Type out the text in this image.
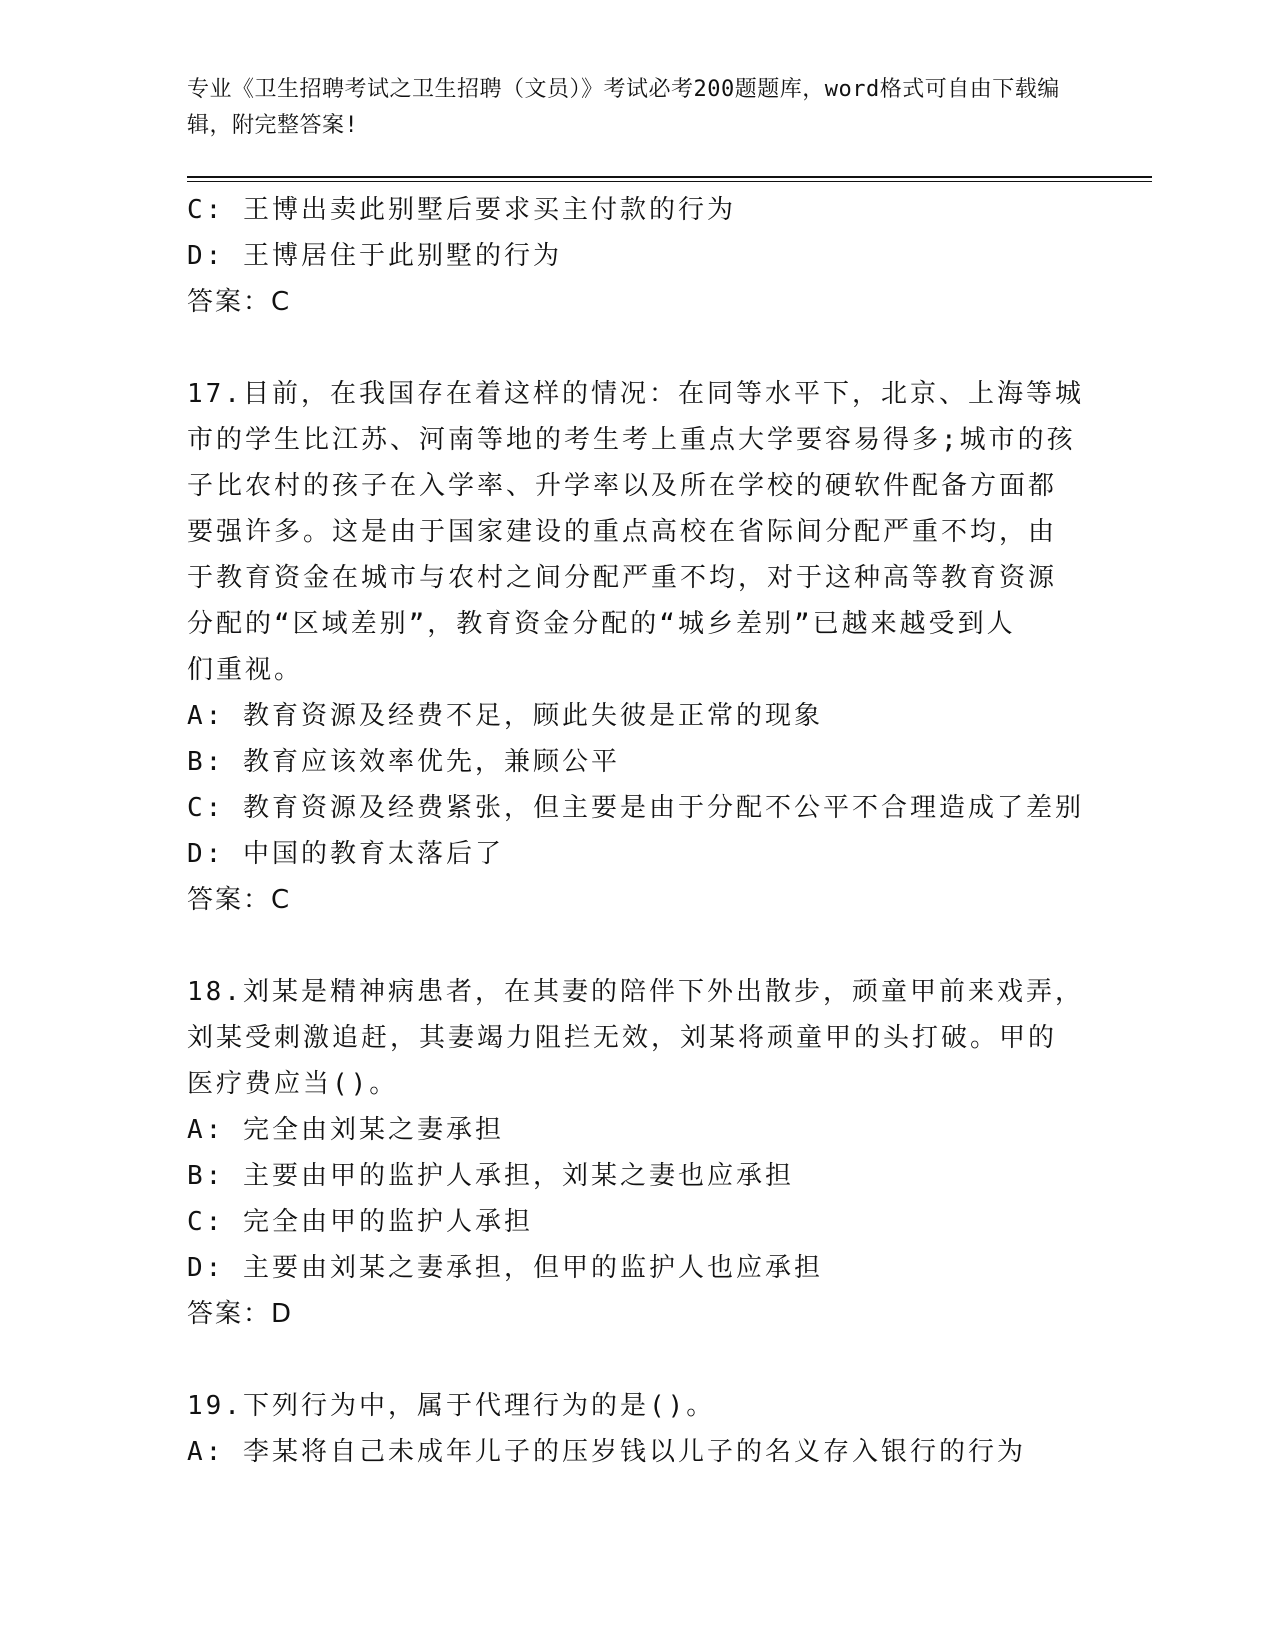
专业《卫生招聘考试之卫生招聘（文员）》考试必考200题题库，word格式可自由下载编辑，附完整答案!
C: 王博出卖此别墅后要求买主付款的行为
D: 王博居住于此别墅的行为
答案：C
17.目前，在我国存在着这样的情况：在同等水平下，北京、上海等城
市的学生比江苏、河南等地的考生考上重点大学要容易得多;城市的孩
子比农村的孩子在入学率、升学率以及所在学校的硬软件配备方面都
要强许多。这是由于国家建设的重点高校在省际间分配严重不均，由
于教育资金在城市与农村之间分配严重不均，对于这种高等教育资源
分配的“区域差别”，教育资金分配的“城乡差别”已越来越受到人
们重视。
A: 教育资源及经费不足，顾此失彼是正常的现象
B: 教育应该效率优先，兼顾公平
C: 教育资源及经费紧张，但主要是由于分配不公平不合理造成了差别
D: 中国的教育太落后了
答案：C
18.刘某是精神病患者，在其妻的陪伴下外出散步，顽童甲前来戏弄，
刘某受刺激追赶，其妻竭力阻拦无效，刘某将顽童甲的头打破。甲的
医疗费应当()。
A: 完全由刘某之妻承担
B: 主要由甲的监护人承担，刘某之妻也应承担
C: 完全由甲的监护人承担
D: 主要由刘某之妻承担，但甲的监护人也应承担
答案：D
19.下列行为中，属于代理行为的是()。
A: 李某将自己未成年儿子的压岁钱以儿子的名义存入银行的行为
